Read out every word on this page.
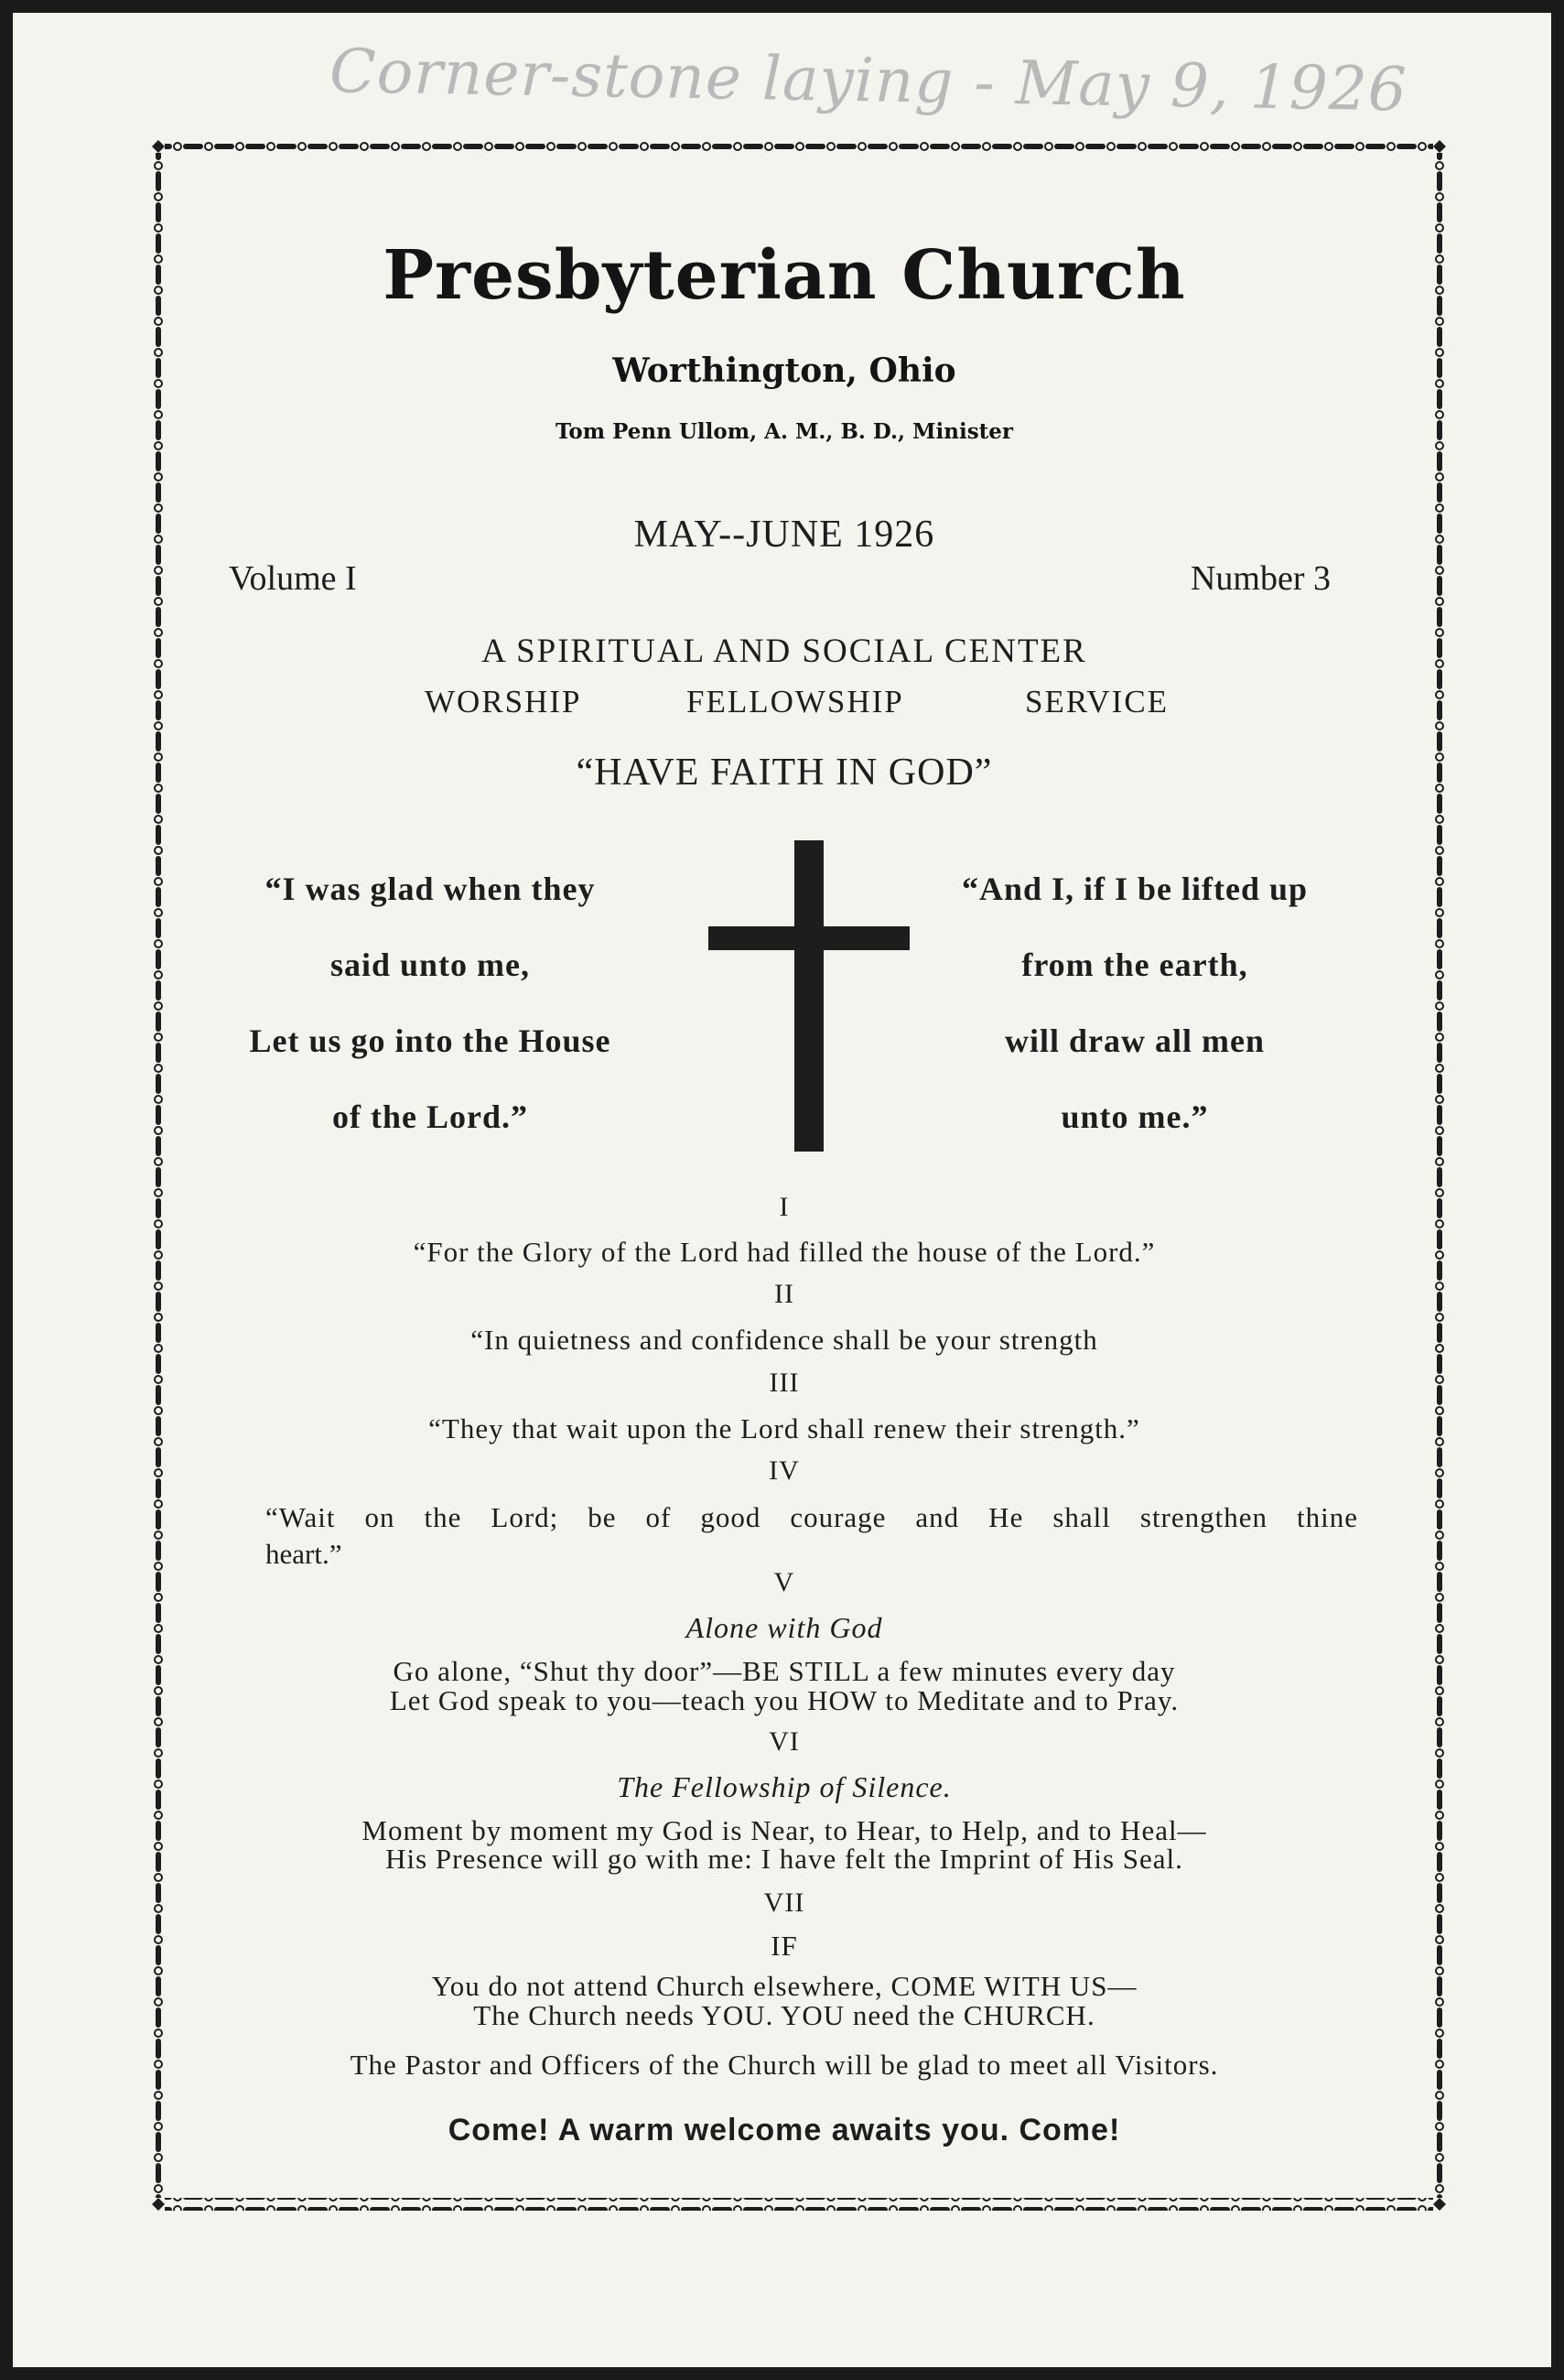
Corner-stone laying - May 9, 1926
Presbyterian Church
Worthington, Ohio
Tom Penn Ullom, A. M., B. D., Minister
MAY--JUNE 1926
Volume I	Number 3
A SPIRITUAL AND SOCIAL CENTER
WORSHIP	FELLOWSHIP	SERVICE
“HAVE FAITH IN GOD”
“I was glad when they
said unto me,
Let us go into the House
of the Lord.”
“And I, if I be lifted up
from the earth,
will draw all men
unto me.”
I
“For the Glory of the Lord had filled the house of the Lord.”
II
“In quietness and confidence shall be your strength
III
“They that wait upon the Lord shall renew their strength.”
IV
“Wait on the Lord; be of good courage and He shall strengthen thine
heart.”
V
Alone with God
Go alone, “Shut thy door”—BE STILL a few minutes every day
Let God speak to you—teach you HOW to Meditate and to Pray.
VI
The Fellowship of Silence.
Moment by moment my God is Near, to Hear, to Help, and to Heal—
His Presence will go with me: I have felt the Imprint of His Seal.
VII
IF
You do not attend Church elsewhere, COME WITH US—
The Church needs YOU. YOU need the CHURCH.
The Pastor and Officers of the Church will be glad to meet all Visitors.
Come! A warm welcome awaits you. Come!
